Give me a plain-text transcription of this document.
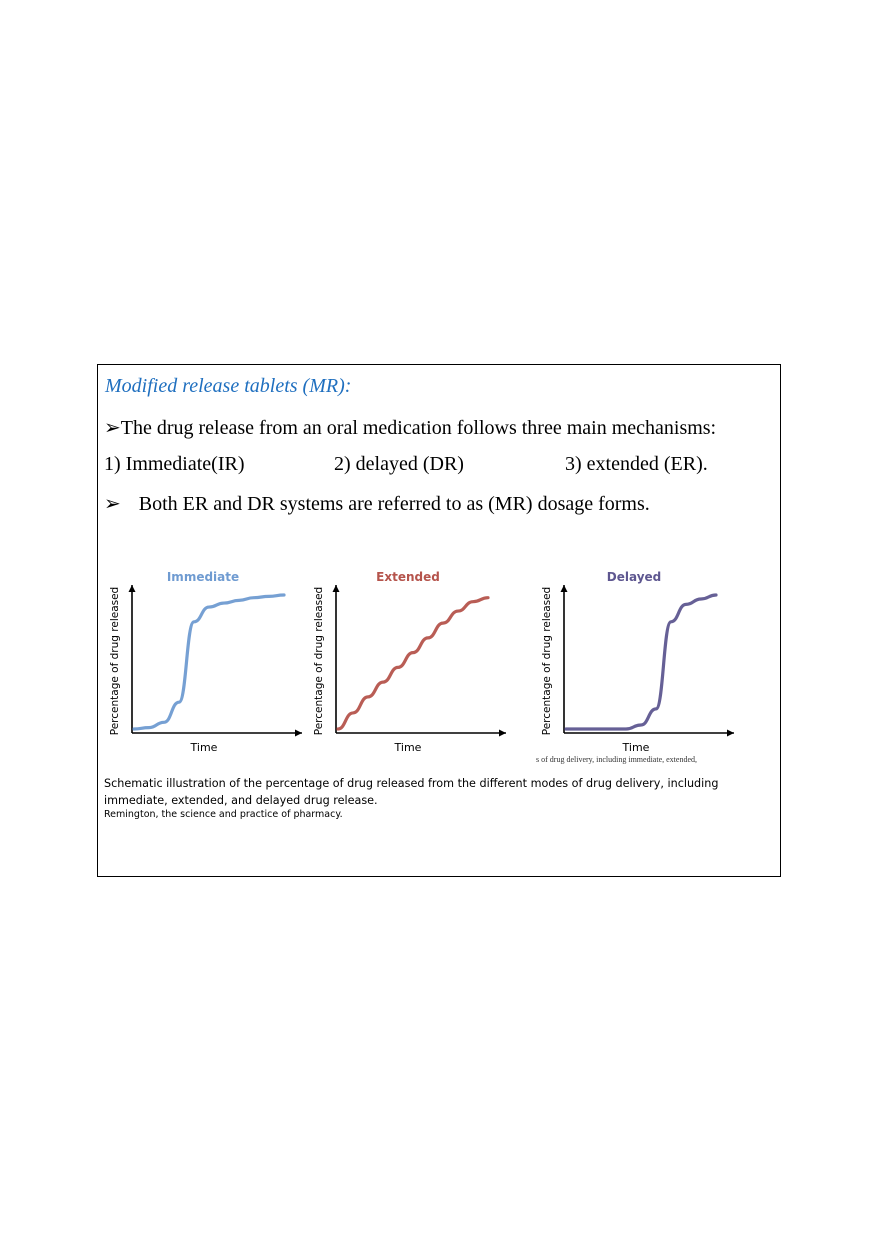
Modified release tablets (MR):
➢The drug release from an oral medication follows three main mechanisms:
1) Immediate(IR)	2) delayed (DR)	3) extended (ER).
➢ Both ER and DR systems are referred to as (MR) dosage forms.
Immediate
Time
Percentage of drug released
Extended
Time
Percentage of drug released
Delayed
Time
Percentage of drug released
s of drug delivery, including immediate, extended,
Schematic illustration of the percentage of drug released from the different modes of drug delivery, including immediate, extended, and delayed drug release.
Remington, the science and practice of pharmacy.
